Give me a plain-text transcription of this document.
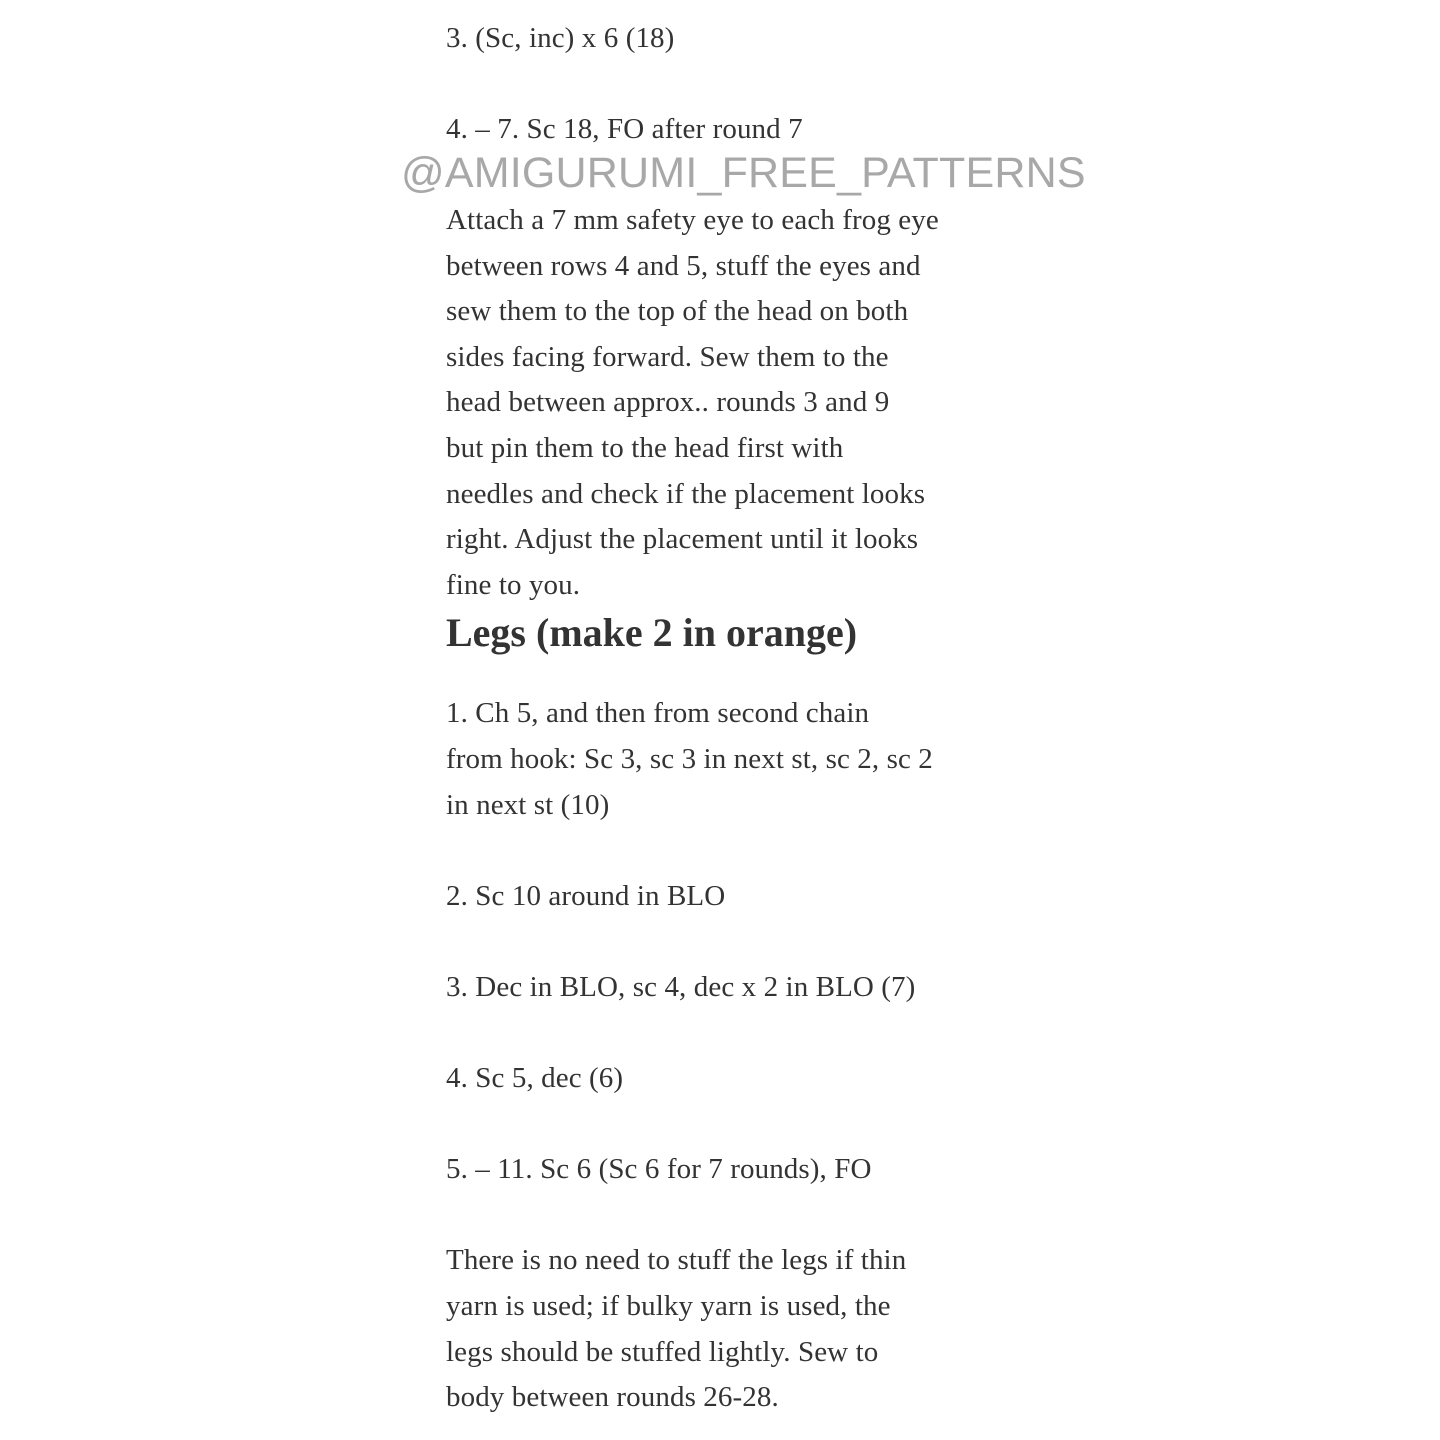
3. (Sc, inc) x 6 (18)
4. – 7. Sc 18, FO after round 7
Attach a 7 mm safety eye to each frog eye
between rows 4 and 5, stuff the eyes and
sew them to the top of the head on both
sides facing forward. Sew them to the
head between approx.. rounds 3 and 9
but pin them to the head first with
needles and check if the placement looks
right. Adjust the placement until it looks
fine to you.
Legs (make 2 in orange)
1. Ch 5, and then from second chain
from hook: Sc 3, sc 3 in next st, sc 2, sc 2
in next st (10)
2. Sc 10 around in BLO
3. Dec in BLO, sc 4, dec x 2 in BLO (7)
4. Sc 5, dec (6)
5. – 11. Sc 6 (Sc 6 for 7 rounds), FO
There is no need to stuff the legs if thin
yarn is used; if bulky yarn is used, the
legs should be stuffed lightly. Sew to
body between rounds 26-28.
@AMIGURUMI_FREE_PATTERNS
